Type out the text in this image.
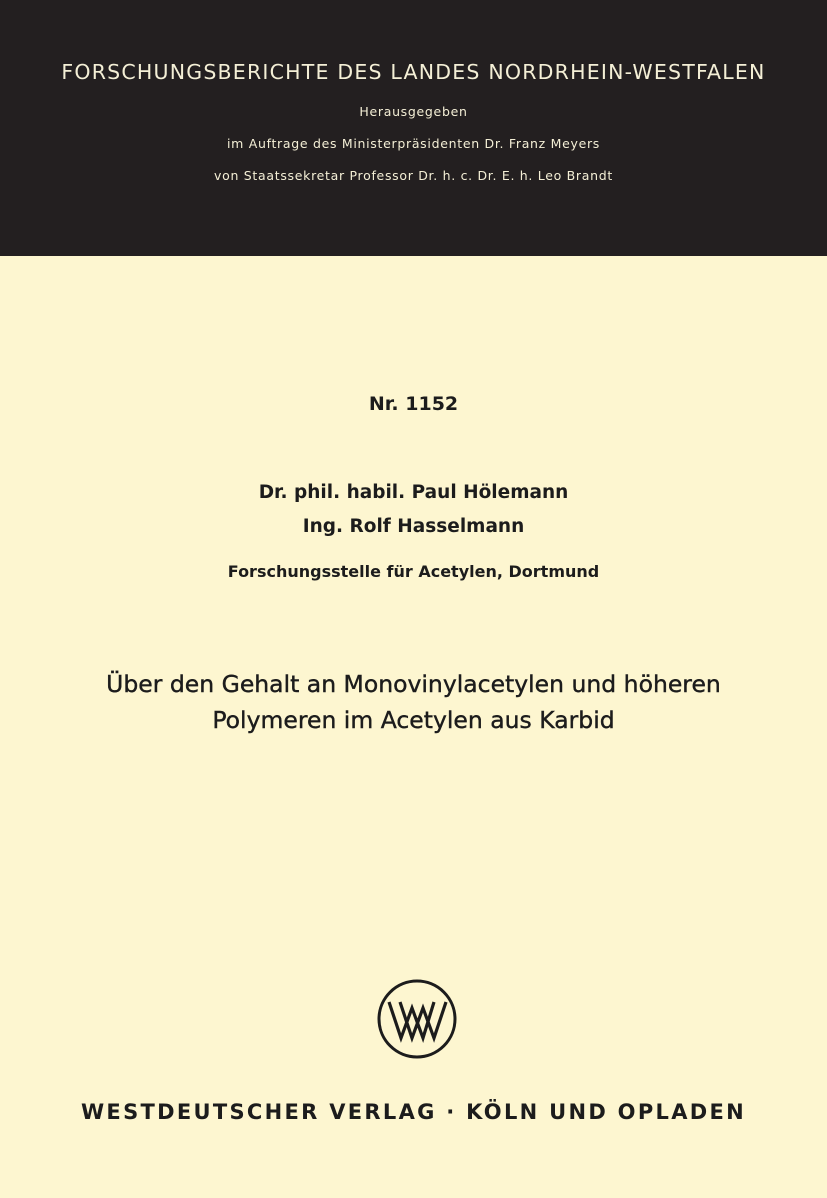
FORSCHUNGSBERICHTE DES LANDES NORDRHEIN-WESTFALEN
Herausgegeben
im Auftrage des Ministerpräsidenten Dr. Franz Meyers
von Staatssekretar Professor Dr. h. c. Dr. E. h. Leo Brandt
Nr. 1152
Dr. phil. habil. Paul Hölemann
Ing. Rolf Hasselmann
Forschungsstelle für Acetylen, Dortmund
Über den Gehalt an Monovinylacetylen und höheren
Polymeren im Acetylen aus Karbid
WESTDEUTSCHER VERLAG · KÖLN UND OPLADEN
